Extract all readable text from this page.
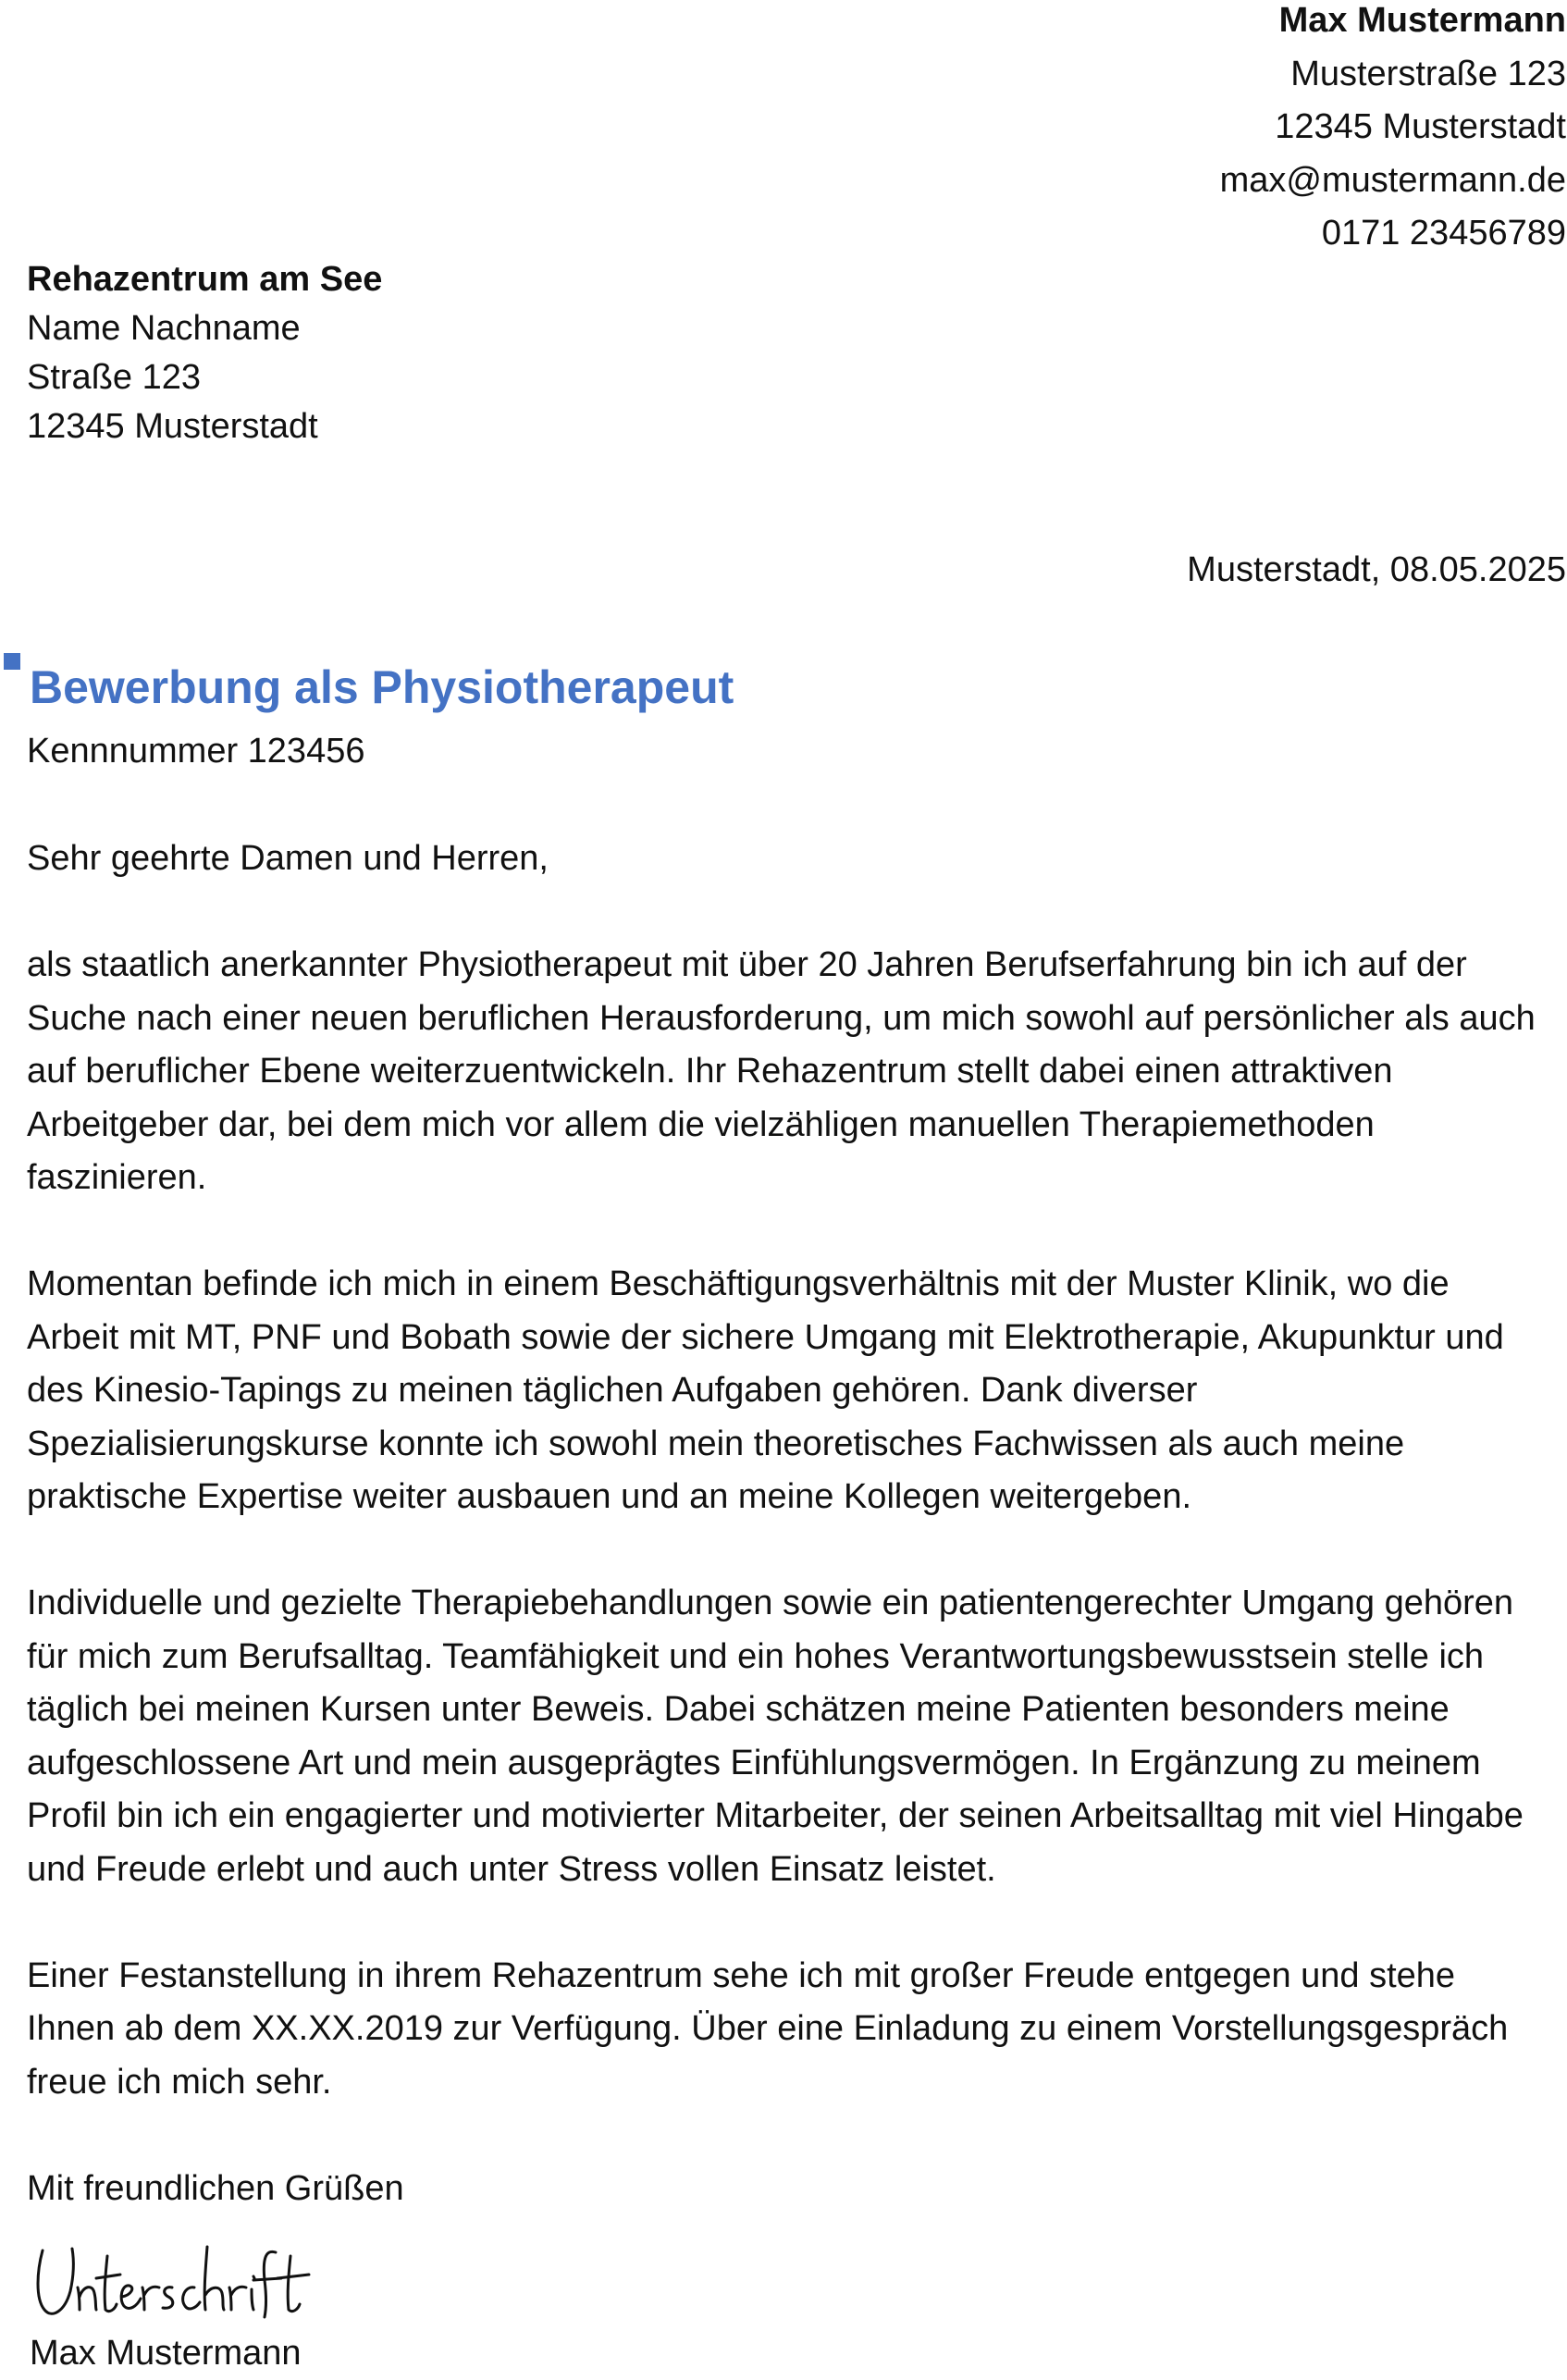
Max Mustermann
Musterstraße 123
12345 Musterstadt
max@mustermann.de
0171 23456789
Rehazentrum am See
Name Nachname
Straße 123
12345 Musterstadt
Musterstadt, 08.05.2025
Bewerbung als Physiotherapeut
Kennnummer 123456

Sehr geehrte Damen und Herren,

als staatlich anerkannter Physiotherapeut mit über 20 Jahren Berufserfahrung bin ich auf der Suche nach einer neuen beruflichen Herausforderung, um mich sowohl auf persönlicher als auch auf beruflicher Ebene weiterzuentwickeln. Ihr Rehazentrum stellt dabei einen attraktiven Arbeitgeber dar, bei dem mich vor allem die vielzähligen manuellen Therapiemethoden faszinieren.

Momentan befinde ich mich in einem Beschäftigungsverhältnis mit der Muster Klinik, wo die Arbeit mit MT, PNF und Bobath sowie der sichere Umgang mit Elektrotherapie, Akupunktur und des Kinesio-Tapings zu meinen täglichen Aufgaben gehören. Dank diverser Spezialisierungskurse konnte ich sowohl mein theoretisches Fachwissen als auch meine praktische Expertise weiter ausbauen und an meine Kollegen weitergeben.

Individuelle und gezielte Therapiebehandlungen sowie ein patientengerechter Umgang gehören für mich zum Berufsalltag. Teamfähigkeit und ein hohes Verantwortungsbewusstsein stelle ich täglich bei meinen Kursen unter Beweis. Dabei schätzen meine Patienten besonders meine aufgeschlossene Art und mein ausgeprägtes Einfühlungsvermögen. In Ergänzung zu meinem Profil bin ich ein engagierter und motivierter Mitarbeiter, der seinen Arbeitsalltag mit viel Hingabe und Freude erlebt und auch unter Stress vollen Einsatz leistet.

Einer Festanstellung in ihrem Rehazentrum sehe ich mit großer Freude entgegen und stehe Ihnen ab dem XX.XX.2019 zur Verfügung. Über eine Einladung zu einem Vorstellungsgespräch freue ich mich sehr.

Mit freundlichen Grüßen

Max Mustermann
